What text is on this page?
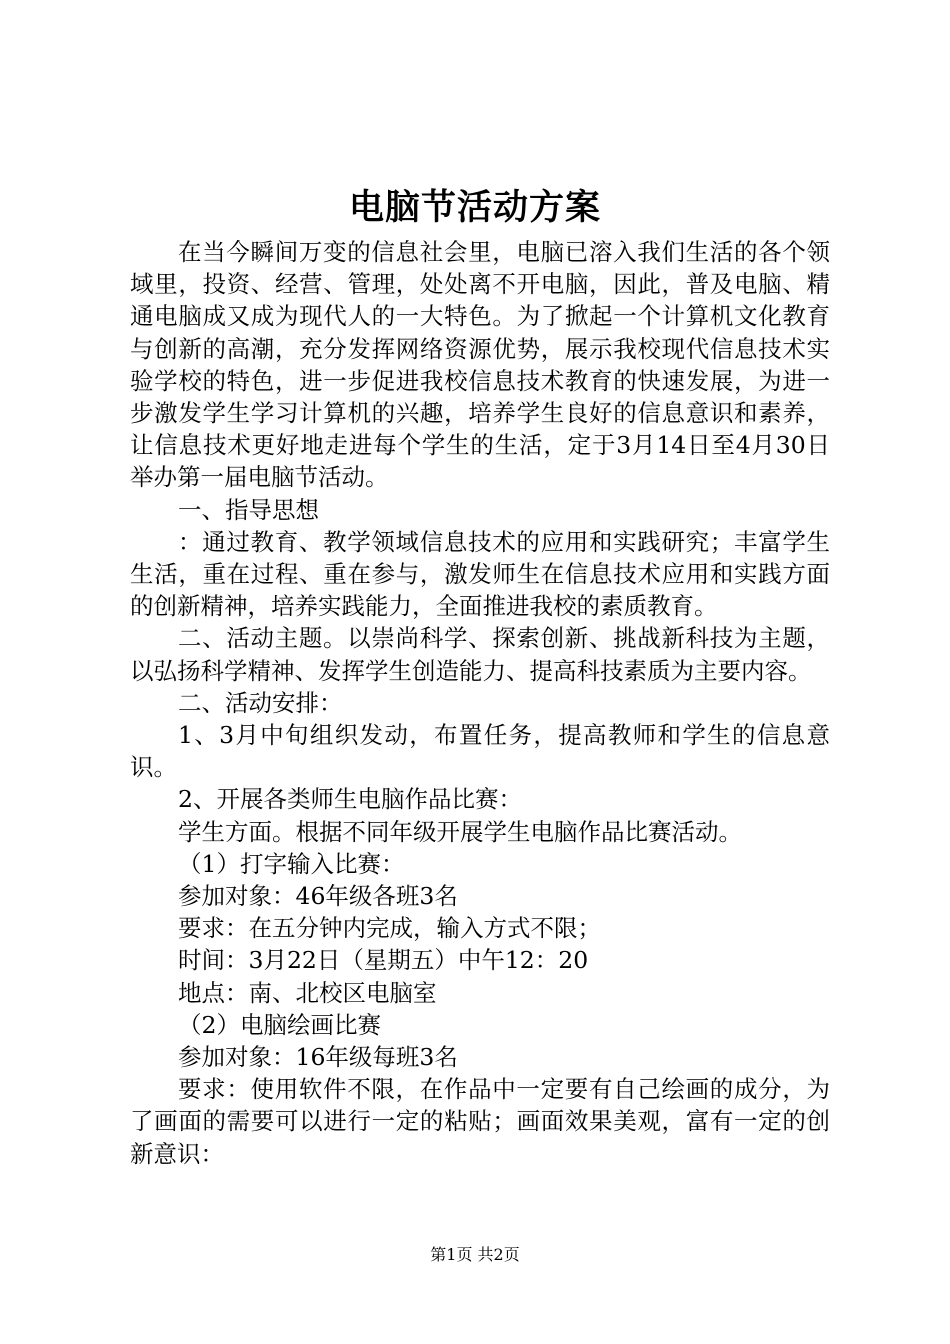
电脑节活动方案

在当今瞬间万变的信息社会里，电脑已溶入我们生活的各个领域里，投资、经营、管理，处处离不开电脑，因此，普及电脑、精通电脑成又成为现代人的一大特色。为了掀起一个计算机文化教育与创新的高潮，充分发挥网络资源优势，展示我校现代信息技术实验学校的特色，进一步促进我校信息技术教育的快速发展，为进一步激发学生学习计算机的兴趣，培养学生良好的信息意识和素养，让信息技术更好地走进每个学生的生活，定于3月14日至4月30日举办第一届电脑节活动。

一、指导思想

：通过教育、教学领域信息技术的应用和实践研究；丰富学生生活，重在过程、重在参与，激发师生在信息技术应用和实践方面的创新精神，培养实践能力，全面推进我校的素质教育。

二、活动主题。以崇尚科学、探索创新、挑战新科技为主题，以弘扬科学精神、发挥学生创造能力、提高科技素质为主要内容。

二、活动安排：

1、3月中旬组织发动，布置任务，提高教师和学生的信息意识。

2、开展各类师生电脑作品比赛：

学生方面。根据不同年级开展学生电脑作品比赛活动。

（1）打字输入比赛：

参加对象：46年级各班3名

要求：在五分钟内完成，输入方式不限；

时间：3月22日（星期五）中午12：20

地点：南、北校区电脑室

（2）电脑绘画比赛

参加对象：16年级每班3名

要求：使用软件不限，在作品中一定要有自己绘画的成分，为了画面的需要可以进行一定的粘贴；画面效果美观，富有一定的创新意识：

第1页 共2页
